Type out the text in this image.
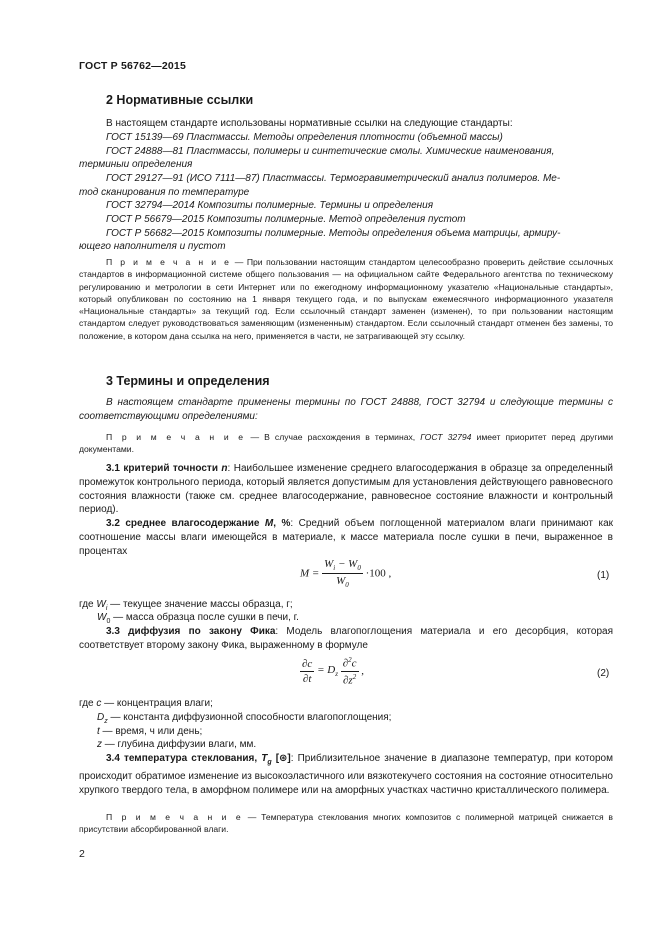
ГОСТ Р 56762—2015
2 Нормативные ссылки
В настоящем стандарте использованы нормативные ссылки на следующие стандарты:
ГОСТ 15139—69 Пластмассы. Методы определения плотности (объемной массы)
ГОСТ 24888—81 Пластмассы, полимеры и синтетические смолы. Химические наименования,
терминыи определения
ГОСТ 29127—91 (ИСО 7111—87) Пластмассы. Термогравиметрический анализ полимеров. Ме-
тод сканирования по температуре
ГОСТ 32794—2014 Композиты полимерные. Термины и определения
ГОСТ Р 56679—2015 Композиты полимерные. Метод определения пустот
ГОСТ Р 56682—2015 Композиты полимерные. Методы определения объема матрицы, армиру-
ющего наполнителя и пустот

П р и м е ч а н и е — При пользовании настоящим стандартом целесообразно проверить действие ссылочных стандартов в информационной системе общего пользования — на официальном сайте Федерального агентства по техническому регулированию и метрологии в сети Интернет или по ежегодному информационному указателю «Национальные стандарты», который опубликован по состоянию на 1 января текущего года, и по выпускам ежемесячного информационного указателя «Национальные стандарты» за текущий год. Если ссылочный стандарт заменен (изменен), то при пользовании настоящим стандартом следует руководствоваться заменяющим (измененным) стандартом. Если ссылочный стандарт отменен без замены, то положение, в котором дана ссылка на него, применяется в части, не затрагивающей эту ссылку.

3 Термины и определения

В настоящем стандарте применены термины по ГОСТ 24888, ГОСТ 32794 и следующие термины с соответствующими определениями:

П р и м е ч а н и е — В случае расхождения в терминах, ГОСТ 32794 имеет приоритет перед другими документами.

3.1 критерий точности n: Наибольшее изменение среднего влагосодержания в образце за определенный промежуток контрольного периода, который является допустимым для установления действующего равновесного состояния влажности (также см. среднее влагосодержание, равновесное состояние влажности и контрольный период).

3.2 среднее влагосодержание M, %: Средний объем поглощенной материалом влаги принимают как соотношение массы влаги имеющейся в материале, к массе материала после сушки в печи, выраженное в процентах

$M = \frac{W_i - W_0}{W_0} \cdot 100$ ,	(1)
где $W_i$ — текущее значение массы образца, г;
$W_0$ — масса образца после сушки в печи, г.

3.3 диффузия по закону Фика: Модель влагопоглощения материала и его десорбция, которая соответствует второму закону Фика, выраженному в формуле

$\frac{\partial c}{\partial t} = D_z \frac{\partial^2c}{\partial z^2}$ ,	(2)
где c — концентрация влаги;
$D_z$ — константа диффузионной способности влагопоглощения;
t — время, ч или день;
z — глубина диффузии влаги, мм.

3.4 температура стеклования, $T_g$ [⊛]: Приблизительное значение в диапазоне температур, при котором происходит обратимое изменение из высокоэластичного или вязкотекучего состояния на состояние относительно хрупкого твердого тела, в аморфном полимере или на аморфных участках частично кристаллического полимера.

П р и м е ч а н и е — Температура стеклования многих композитов с полимерной матрицей снижается в присутствии абсорбированной влаги.

2
